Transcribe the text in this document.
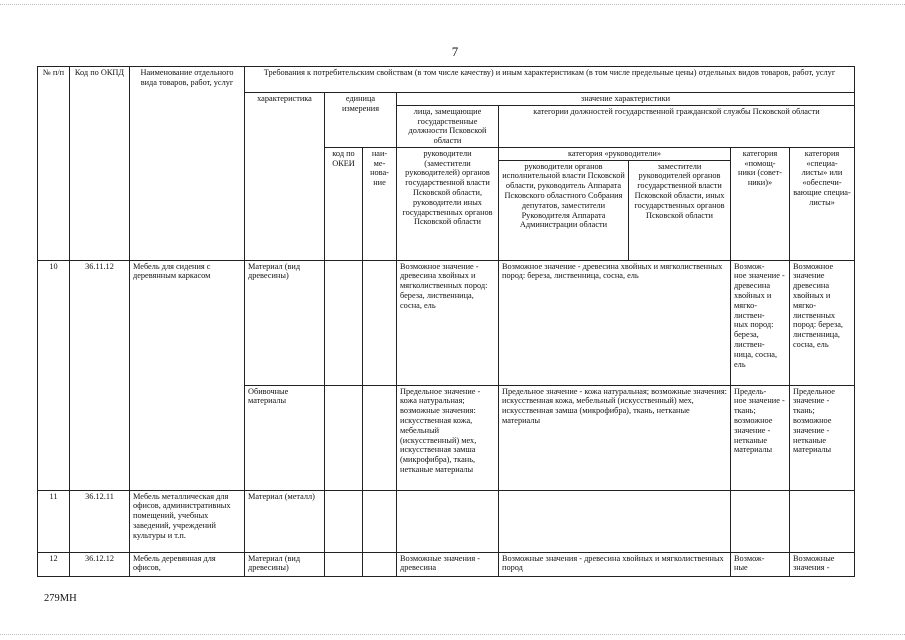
7
№ п/п	Код по ОКПД	Наименование отдельного вида товаров, работ, услуг	Требования к потребительским свойствам (в том числе качеству) и иным характеристикам (в том числе предельные цены) отдельных видов товаров, работ, услуг							
			характеристика	единица измерения		значение характеристики				
						лица, замещающие государственные должности Псковской области	категории должностей государственной гражданской службы Псковской области			
				код по ОКЕИ	наи-
ме-
нова-
ние	руководители (заместители руководителей) органов государственной власти Псковской области, руководители иных государственных органов Псковской области	категория «руководители»		категория «помощ-
ники (совет-
ники)»	категория «специа-
листы» или «обеспечи-
вающие специа-
листы»
							руководители органов исполнительной власти Псковской области, руководитель Аппарата Псковского областного Собрания депутатов, заместители Руководителя Аппарата Администрации области	заместители руководителей органов государственной власти Псковской области, иных государственных органов Псковской области		
10	36.11.12	Мебель для сидения с деревянным каркасом	Материал (вид древесины)			Возможное значение - древесина хвойных и мягколиственных пород: береза, лиственница, сосна, ель	Возможное значение - древесина хвойных и мягколиственных пород: береза, лиственница, сосна, ель		Возмож-
ное значение - древесина хвойных и мягко-
листвен-
ных пород: береза, листвен-
ница, сосна, ель	Возможное значение древесина хвойных и мягко-
лиственных пород: береза, лиственница, сосна, ель
			Обивочные материалы			Предельное значение - кожа натуральная; возможные значения: искусственная кожа, мебельный (искусственный) мех, искусственная замша (микрофибра), ткань, нетканые материалы	Предельное значение - кожа натуральная; возможные значения: искусственная кожа, мебельный (искусственный) мех, искусственная замша (микрофибра), ткань, нетканые материалы		Предель-
ное значение - ткань; возможное значение - нетканые материалы	Предельное значение - ткань; возможное значение - нетканые материалы
11	36.12.11	Мебель металлическая для офисов, административных помещений, учебных заведений, учреждений культуры и т.п.	Материал (металл)							
12	36.12.12	Мебель деревянная для офисов,	Материал (вид древесины)			Возможные значения - древесина	Возможные значения - древесина хвойных и мягколиственных пород		Возмож-
ные	Возможные значения -
279МН
